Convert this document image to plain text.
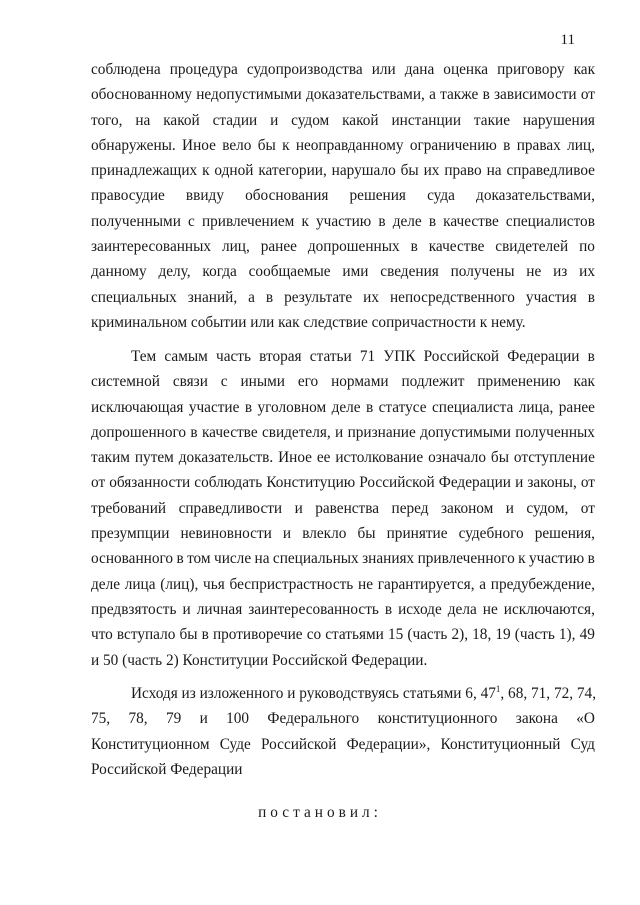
11
соблюдена процедура судопроизводства или дана оценка приговору как
обоснованному недопустимыми доказательствами, а также в зависимости от
того, на какой стадии и судом какой инстанции такие нарушения
обнаружены. Иное вело бы к неоправданному ограничению в правах лиц,
принадлежащих к одной категории, нарушало бы их право на справедливое
правосудие ввиду обоснования решения суда доказательствами,
полученными с привлечением к участию в деле в качестве специалистов
заинтересованных лиц, ранее допрошенных в качестве свидетелей по
данному делу, когда сообщаемые ими сведения получены не из их
специальных знаний, а в результате их непосредственного участия в
криминальном событии или как следствие сопричастности к нему.
Тем самым часть вторая статьи 71 УПК Российской Федерации в
системной связи с иными его нормами подлежит применению как
исключающая участие в уголовном деле в статусе специалиста лица, ранее
допрошенного в качестве свидетеля, и признание допустимыми полученных
таким путем доказательств. Иное ее истолкование означало бы отступление
от обязанности соблюдать Конституцию Российской Федерации и законы, от
требований справедливости и равенства перед законом и судом, от
презумпции невиновности и влекло бы принятие судебного решения,
основанного в том числе на специальных знаниях привлеченного к участию в
деле лица (лиц), чья беспристрастность не гарантируется, а предубеждение,
предвзятость и личная заинтересованность в исходе дела не исключаются,
что вступало бы в противоречие со статьями 15 (часть 2), 18, 19 (часть 1), 49
и 50 (часть 2) Конституции Российской Федерации.
Исходя из изложенного и руководствуясь статьями 6, $47^1$, 68, 71, 72, 74,
75, 78, 79 и 100 Федерального конституционного закона «О
Конституционном Суде Российской Федерации», Конституционный Суд
Российской Федерации
постановил:
